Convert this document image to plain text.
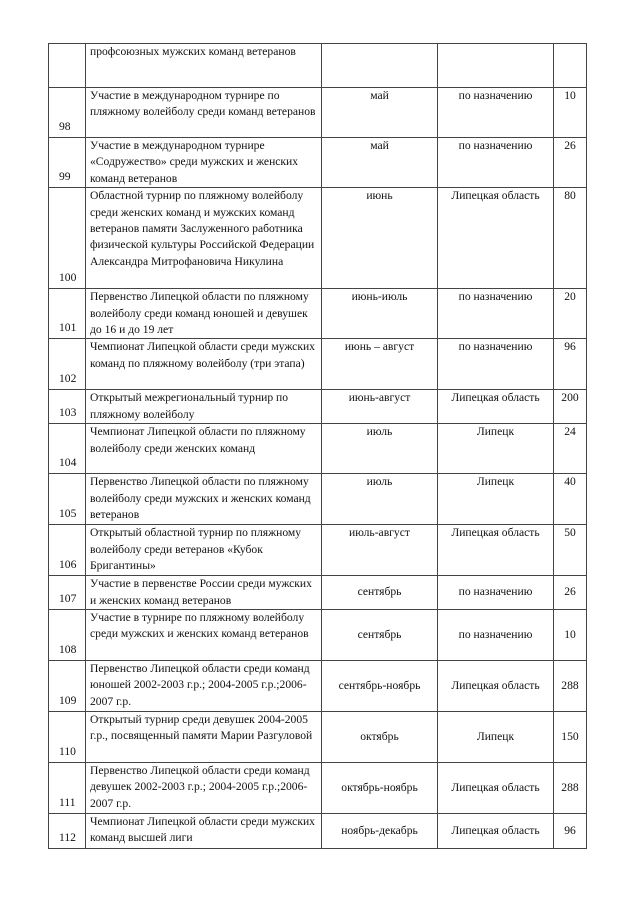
	профсоюзных мужских команд ветеранов			
98	Участие в международном турнире по пляжному волейболу среди команд ветеранов	май	по назначению	10
99	Участие в международном турнире «Содружество» среди мужских и женских команд ветеранов	май	по назначению	26
100	Областной турнир по пляжному волейболу среди женских команд и мужских команд ветеранов памяти Заслуженного работника физической культуры Российской Федерации Александра Митрофановича Никулина	июнь	Липецкая область	80
101	Первенство Липецкой области по пляжному волейболу среди команд юношей и девушек до 16 и до 19 лет	июнь-июль	по назначению	20
102	Чемпионат Липецкой области среди мужских команд по пляжному волейболу (три этапа)	июнь – август	по назначению	96
103	Открытый межрегиональный турнир по пляжному волейболу	июнь-август	Липецкая область	200
104	Чемпионат Липецкой области по пляжному волейболу среди женских команд	июль	Липецк	24
105	Первенство Липецкой области по пляжному волейболу среди мужских и женских команд ветеранов	июль	Липецк	40
106	Открытый областной турнир по пляжному волейболу среди ветеранов «Кубок Бригантины»	июль-август	Липецкая область	50
107	Участие в первенстве России среди мужских и женских команд ветеранов	сентябрь	по назначению	26
108	Участие в турнире по пляжному волейболу среди мужских и женских команд ветеранов	сентябрь	по назначению	10
109	Первенство Липецкой области среди команд юношей 2002-2003 г.р.; 2004-2005 г.р.;2006-2007 г.р.	сентябрь-ноябрь	Липецкая область	288
110	Открытый турнир среди девушек 2004-2005 г.р., посвященный памяти Марии Разгуловой	октябрь	Липецк	150
111	Первенство Липецкой области среди команд девушек 2002-2003 г.р.; 2004-2005 г.р.;2006-2007 г.р.	октябрь-ноябрь	Липецкая область	288
112	Чемпионат Липецкой области среди мужских команд высшей лиги	ноябрь-декабрь	Липецкая область	96
